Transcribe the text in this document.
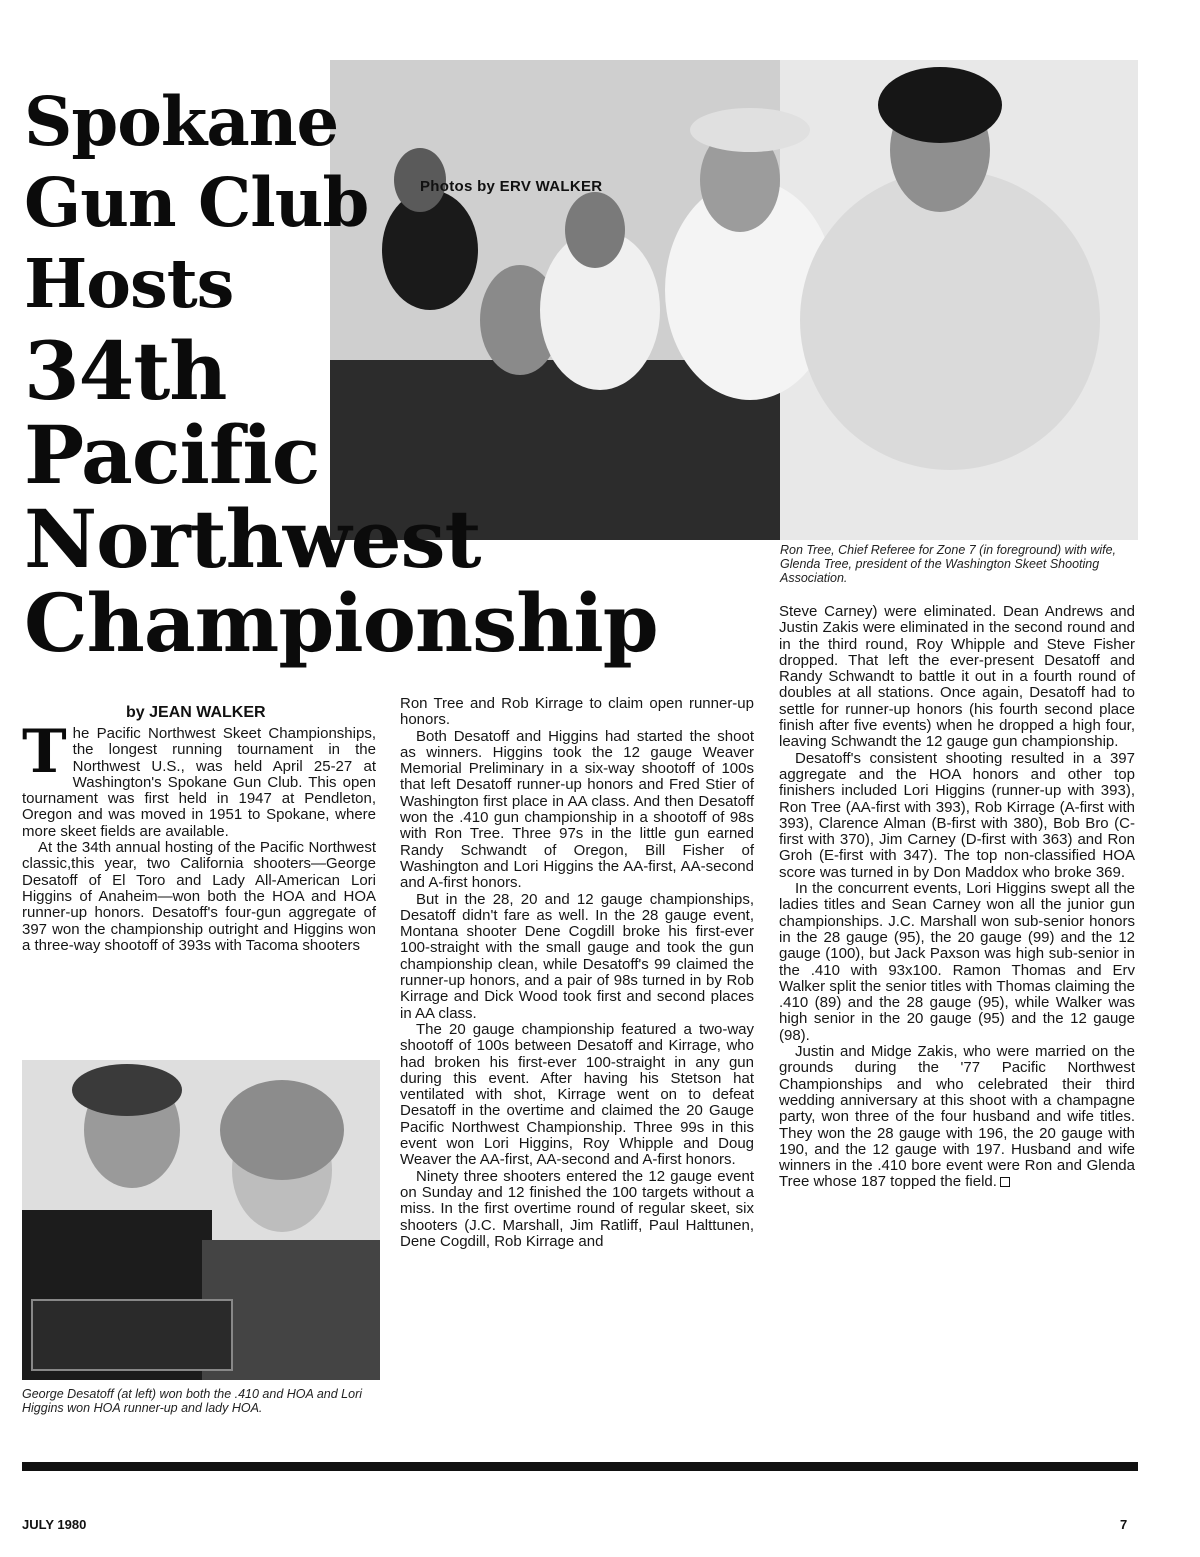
Photos by ERV WALKER
Spokane
Gun Club
Hosts
34th
Pacific
Northwest
Championship
Ron Tree, Chief Referee for Zone 7 (in foreground) with wife, Glenda Tree, president of the Washington Skeet Shooting Association.
by JEAN WALKER

The Pacific Northwest Skeet Championships, the longest running tournament in the Northwest U.S., was held April 25-27 at Washington's Spokane Gun Club. This open tournament was first held in 1947 at Pendleton, Oregon and was moved in 1951 to Spokane, where more skeet fields are available.

At the 34th annual hosting of the Pacific Northwest classic,this year, two California shooters—George Desatoff of El Toro and Lady All-American Lori Higgins of Anaheim—won both the HOA and HOA runner-up honors. Desatoff's four-gun aggregate of 397 won the championship outright and Higgins won a three-way shootoff of 393s with Tacoma shooters

George Desatoff (at left) won both the .410 and HOA and Lori Higgins won HOA runner-up and lady HOA.

Ron Tree and Rob Kirrage to claim open runner-up honors.

Both Desatoff and Higgins had started the shoot as winners. Higgins took the 12 gauge Weaver Memorial Preliminary in a six-way shootoff of 100s that left Desatoff runner-up honors and Fred Stier of Washington first place in AA class. And then Desatoff won the .410 gun championship in a shootoff of 98s with Ron Tree. Three 97s in the little gun earned Randy Schwandt of Oregon, Bill Fisher of Washington and Lori Higgins the AA-first, AA-second and A-first honors.

But in the 28, 20 and 12 gauge championships, Desatoff didn't fare as well. In the 28 gauge event, Montana shooter Dene Cogdill broke his first-ever 100-straight with the small gauge and took the gun championship clean, while Desatoff's 99 claimed the runner-up honors, and a pair of 98s turned in by Rob Kirrage and Dick Wood took first and second places in AA class.

The 20 gauge championship featured a two-way shootoff of 100s between Desatoff and Kirrage, who had broken his first-ever 100-straight in any gun during this event. After having his Stetson hat ventilated with shot, Kirrage went on to defeat Desatoff in the overtime and claimed the 20 Gauge Pacific Northwest Championship. Three 99s in this event won Lori Higgins, Roy Whipple and Doug Weaver the AA-first, AA-second and A-first honors.

Ninety three shooters entered the 12 gauge event on Sunday and 12 finished the 100 targets without a miss. In the first overtime round of regular skeet, six shooters (J.C. Marshall, Jim Ratliff, Paul Halttunen, Dene Cogdill, Rob Kirrage and

Steve Carney) were eliminated. Dean Andrews and Justin Zakis were eliminated in the second round and in the third round, Roy Whipple and Steve Fisher dropped. That left the ever-present Desatoff and Randy Schwandt to battle it out in a fourth round of doubles at all stations. Once again, Desatoff had to settle for runner-up honors (his fourth second place finish after five events) when he dropped a high four, leaving Schwandt the 12 gauge gun championship.

Desatoff's consistent shooting resulted in a 397 aggregate and the HOA honors and other top finishers included Lori Higgins (runner-up with 393), Ron Tree (AA-first with 393), Rob Kirrage (A-first with 393), Clarence Alman (B-first with 380), Bob Bro (C-first with 370), Jim Carney (D-first with 363) and Ron Groh (E-first with 347). The top non-classified HOA score was turned in by Don Maddox who broke 369.

In the concurrent events, Lori Higgins swept all the ladies titles and Sean Carney won all the junior gun championships. J.C. Marshall won sub-senior honors in the 28 gauge (95), the 20 gauge (99) and the 12 gauge (100), but Jack Paxson was high sub-senior in the .410 with 93x100. Ramon Thomas and Erv Walker split the senior titles with Thomas claiming the .410 (89) and the 28 gauge (95), while Walker was high senior in the 20 gauge (95) and the 12 gauge (98).

Justin and Midge Zakis, who were married on the grounds during the '77 Pacific Northwest Championships and who celebrated their third wedding anniversary at this shoot with a champagne party, won three of the four husband and wife titles. They won the 28 gauge with 196, the 20 gauge with 190, and the 12 gauge with 197. Husband and wife winners in the .410 bore event were Ron and Glenda Tree whose 187 topped the field.

JULY 1980	7
